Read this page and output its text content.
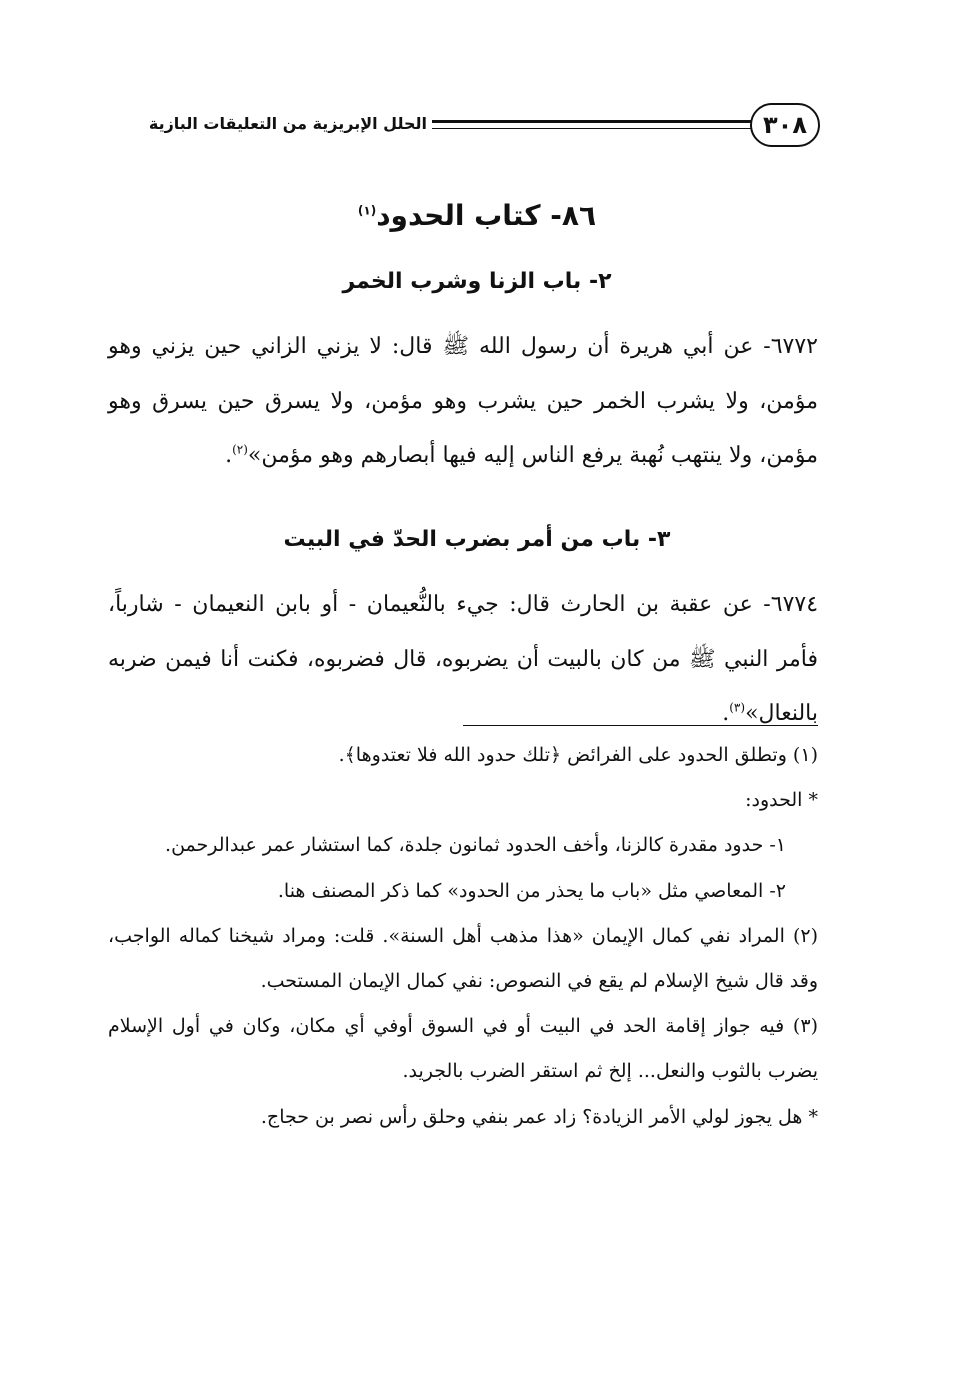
الحلل الإبريزية من التعليقات البازية	٣٠٨
٨٦- كتاب الحدود$^{(١)}$
٢- باب الزنا وشرب الخمر

٦٧٧٢- عن أبي هريرة أن رسول الله ﷺ قال: لا يزني الزاني حين يزني وهو مؤمن، ولا يشرب الخمر حين يشرب وهو مؤمن، ولا يسرق حين يسرق وهو مؤمن، ولا ينتهب نُهبة يرفع الناس إليه فيها أبصارهم وهو مؤمن»$^{(٢)}$.

٣- باب من أمر بضرب الحدّ في البيت

٦٧٧٤- عن عقبة بن الحارث قال: جيء بالنُّعيمان - أو بابن النعيمان - شارباً، فأمر النبي ﷺ من كان بالبيت أن يضربوه، قال فضربوه، فكنت أنا فيمن ضربه بالنعال»$^{(٣)}$.

(١) وتطلق الحدود على الفرائض ﴿تلك حدود الله فلا تعتدوها﴾.

* الحدود:

١- حدود مقدرة كالزنا، وأخف الحدود ثمانون جلدة، كما استشار عمر عبدالرحمن.

٢- المعاصي مثل «باب ما يحذر من الحدود» كما ذكر المصنف هنا.

(٢) المراد نفي كمال الإيمان «هذا مذهب أهل السنة». قلت: ومراد شيخنا كماله الواجب، وقد قال شيخ الإسلام لم يقع في النصوص: نفي كمال الإيمان المستحب.

(٣) فيه جواز إقامة الحد في البيت أو في السوق أوفي أي مكان، وكان في أول الإسلام يضرب بالثوب والنعل... إلخ ثم استقر الضرب بالجريد.

* هل يجوز لولي الأمر الزيادة؟ زاد عمر بنفي وحلق رأس نصر بن حجاج.
